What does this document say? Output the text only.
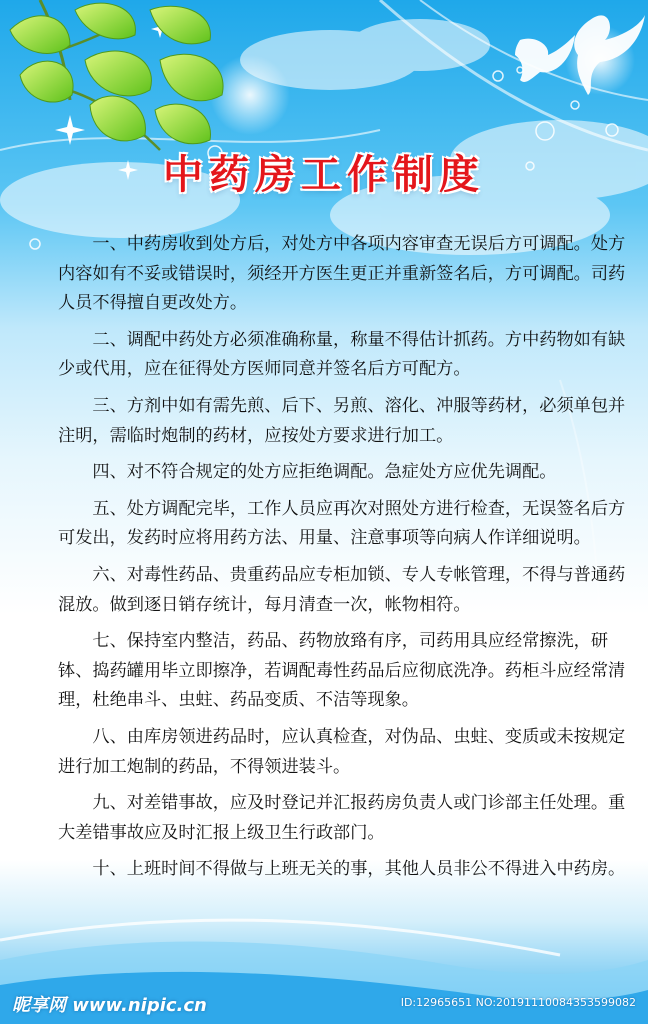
中药房工作制度

一、中药房收到处方后，对处方中各项内容审查无误后方可调配。处方内容如有不妥或错误时，须经开方医生更正并重新签名后，方可调配。司药人员不得擅自更改处方。

二、调配中药处方必须准确称量，称量不得估计抓药。方中药物如有缺少或代用，应在征得处方医师同意并签名后方可配方。

三、方剂中如有需先煎、后下、另煎、溶化、冲服等药材，必须单包并注明，需临时炮制的药材，应按处方要求进行加工。

四、对不符合规定的处方应拒绝调配。急症处方应优先调配。

五、处方调配完毕，工作人员应再次对照处方进行检查，无误签名后方可发出，发药时应将用药方法、用量、注意事项等向病人作详细说明。

六、对毒性药品、贵重药品应专柜加锁、专人专帐管理，不得与普通药混放。做到逐日销存统计，每月清查一次，帐物相符。

七、保持室内整洁，药品、药物放臵有序，司药用具应经常擦洗，研钵、捣药罐用毕立即擦净，若调配毒性药品后应彻底洗净。药柜斗应经常清理，杜绝串斗、虫蛀、药品变质、不洁等现象。

八、由库房领进药品时，应认真检查，对伪品、虫蛀、变质或未按规定进行加工炮制的药品，不得领进装斗。

九、对差错事故，应及时登记并汇报药房负责人或门诊部主任处理。重大差错事故应及时汇报上级卫生行政部门。

十、上班时间不得做与上班无关的事，其他人员非公不得进入中药房。

昵享网 www.nipic.cn	ID:12965651 NO:20191110084353599082
